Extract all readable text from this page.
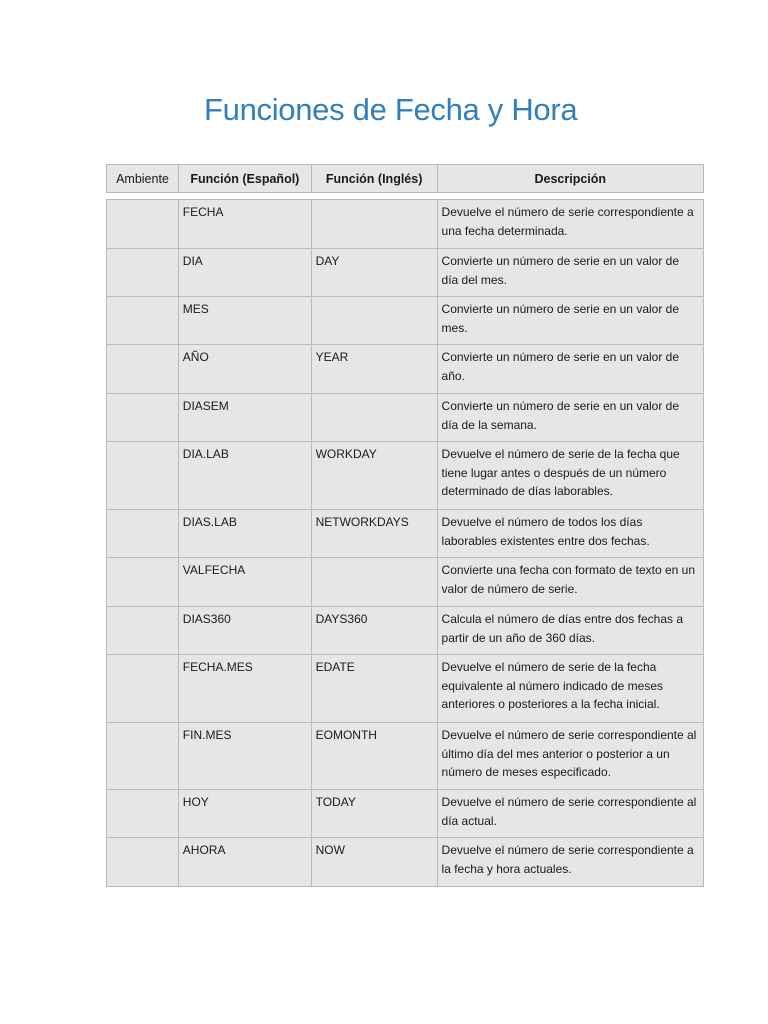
Funciones de Fecha y Hora
Ambiente	Función (Español)	Función (Inglés)	Descripción
	FECHA		Devuelve el número de serie correspondiente a una fecha determinada.
	DIA	DAY	Convierte un número de serie en un valor de día del mes.
	MES		Convierte un número de serie en un valor de mes.
	AÑO	YEAR	Convierte un número de serie en un valor de año.
	DIASEM		Convierte un número de serie en un valor de día de la semana.
	DIA.LAB	WORKDAY	Devuelve el número de serie de la fecha que tiene lugar antes o después de un número determinado de días laborables.
	DIAS.LAB	NETWORKDAYS	Devuelve el número de todos los días laborables existentes entre dos fechas.
	VALFECHA		Convierte una fecha con formato de texto en un valor de número de serie.
	DIAS360	DAYS360	Calcula el número de días entre dos fechas a partir de un año de 360 días.
	FECHA.MES	EDATE	Devuelve el número de serie de la fecha equivalente al número indicado de meses anteriores o posteriores a la fecha inicial.
	FIN.MES	EOMONTH	Devuelve el número de serie correspondiente al último día del mes anterior o posterior a un número de meses especificado.
	HOY	TODAY	Devuelve el número de serie correspondiente al día actual.
	AHORA	NOW	Devuelve el número de serie correspondiente a la fecha y hora actuales.
